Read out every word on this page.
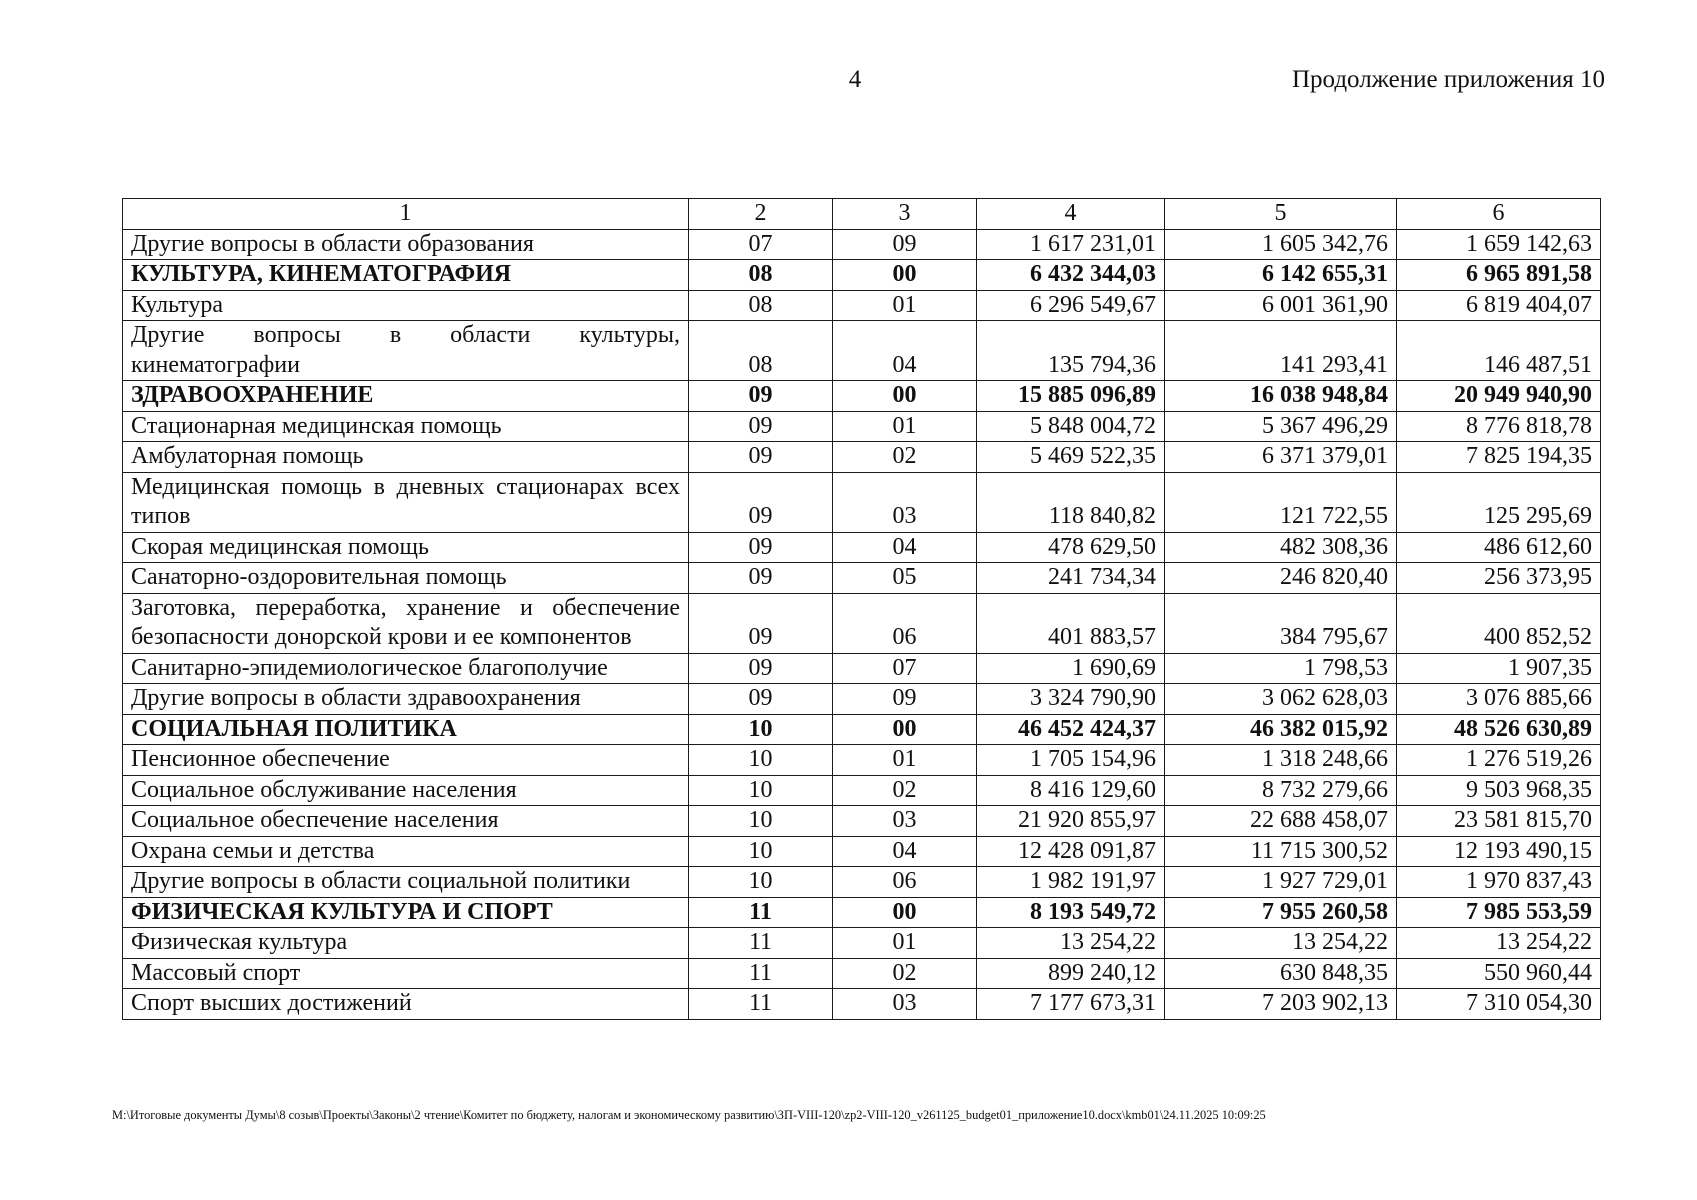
4	Продолжение приложения 10
1	2	3	4	5	6
Другие вопросы в области образования	07	09	1 617 231,01	1 605 342,76	1 659 142,63
КУЛЬТУРА, КИНЕМАТОГРАФИЯ	08	00	6 432 344,03	6 142 655,31	6 965 891,58
Культура	08	01	6 296 549,67	6 001 361,90	6 819 404,07
Другие вопросы в области культуры, кинематографии	08	04	135 794,36	141 293,41	146 487,51
ЗДРАВООХРАНЕНИЕ	09	00	15 885 096,89	16 038 948,84	20 949 940,90
Стационарная медицинская помощь	09	01	5 848 004,72	5 367 496,29	8 776 818,78
Амбулаторная помощь	09	02	5 469 522,35	6 371 379,01	7 825 194,35
Медицинская помощь в дневных стационарах всех типов	09	03	118 840,82	121 722,55	125 295,69
Скорая медицинская помощь	09	04	478 629,50	482 308,36	486 612,60
Санаторно-оздоровительная помощь	09	05	241 734,34	246 820,40	256 373,95
Заготовка, переработка, хранение и обеспечение безопасности донорской крови и ее компонентов	09	06	401 883,57	384 795,67	400 852,52
Санитарно-эпидемиологическое благополучие	09	07	1 690,69	1 798,53	1 907,35
Другие вопросы в области здравоохранения	09	09	3 324 790,90	3 062 628,03	3 076 885,66
СОЦИАЛЬНАЯ ПОЛИТИКА	10	00	46 452 424,37	46 382 015,92	48 526 630,89
Пенсионное обеспечение	10	01	1 705 154,96	1 318 248,66	1 276 519,26
Социальное обслуживание населения	10	02	8 416 129,60	8 732 279,66	9 503 968,35
Социальное обеспечение населения	10	03	21 920 855,97	22 688 458,07	23 581 815,70
Охрана семьи и детства	10	04	12 428 091,87	11 715 300,52	12 193 490,15
Другие вопросы в области социальной политики	10	06	1 982 191,97	1 927 729,01	1 970 837,43
ФИЗИЧЕСКАЯ КУЛЬТУРА И СПОРТ	11	00	8 193 549,72	7 955 260,58	7 985 553,59
Физическая культура	11	01	13 254,22	13 254,22	13 254,22
Массовый спорт	11	02	899 240,12	630 848,35	550 960,44
Спорт высших достижений	11	03	7 177 673,31	7 203 902,13	7 310 054,30
М:\Итоговые документы Думы\8 созыв\Проекты\Законы\2 чтение\Комитет по бюджету, налогам и экономическому развитию\ЗП-VIII-120\zp2-VIII-120_v261125_budget01_приложение10.docx\kmb01\24.11.2025 10:09:25
